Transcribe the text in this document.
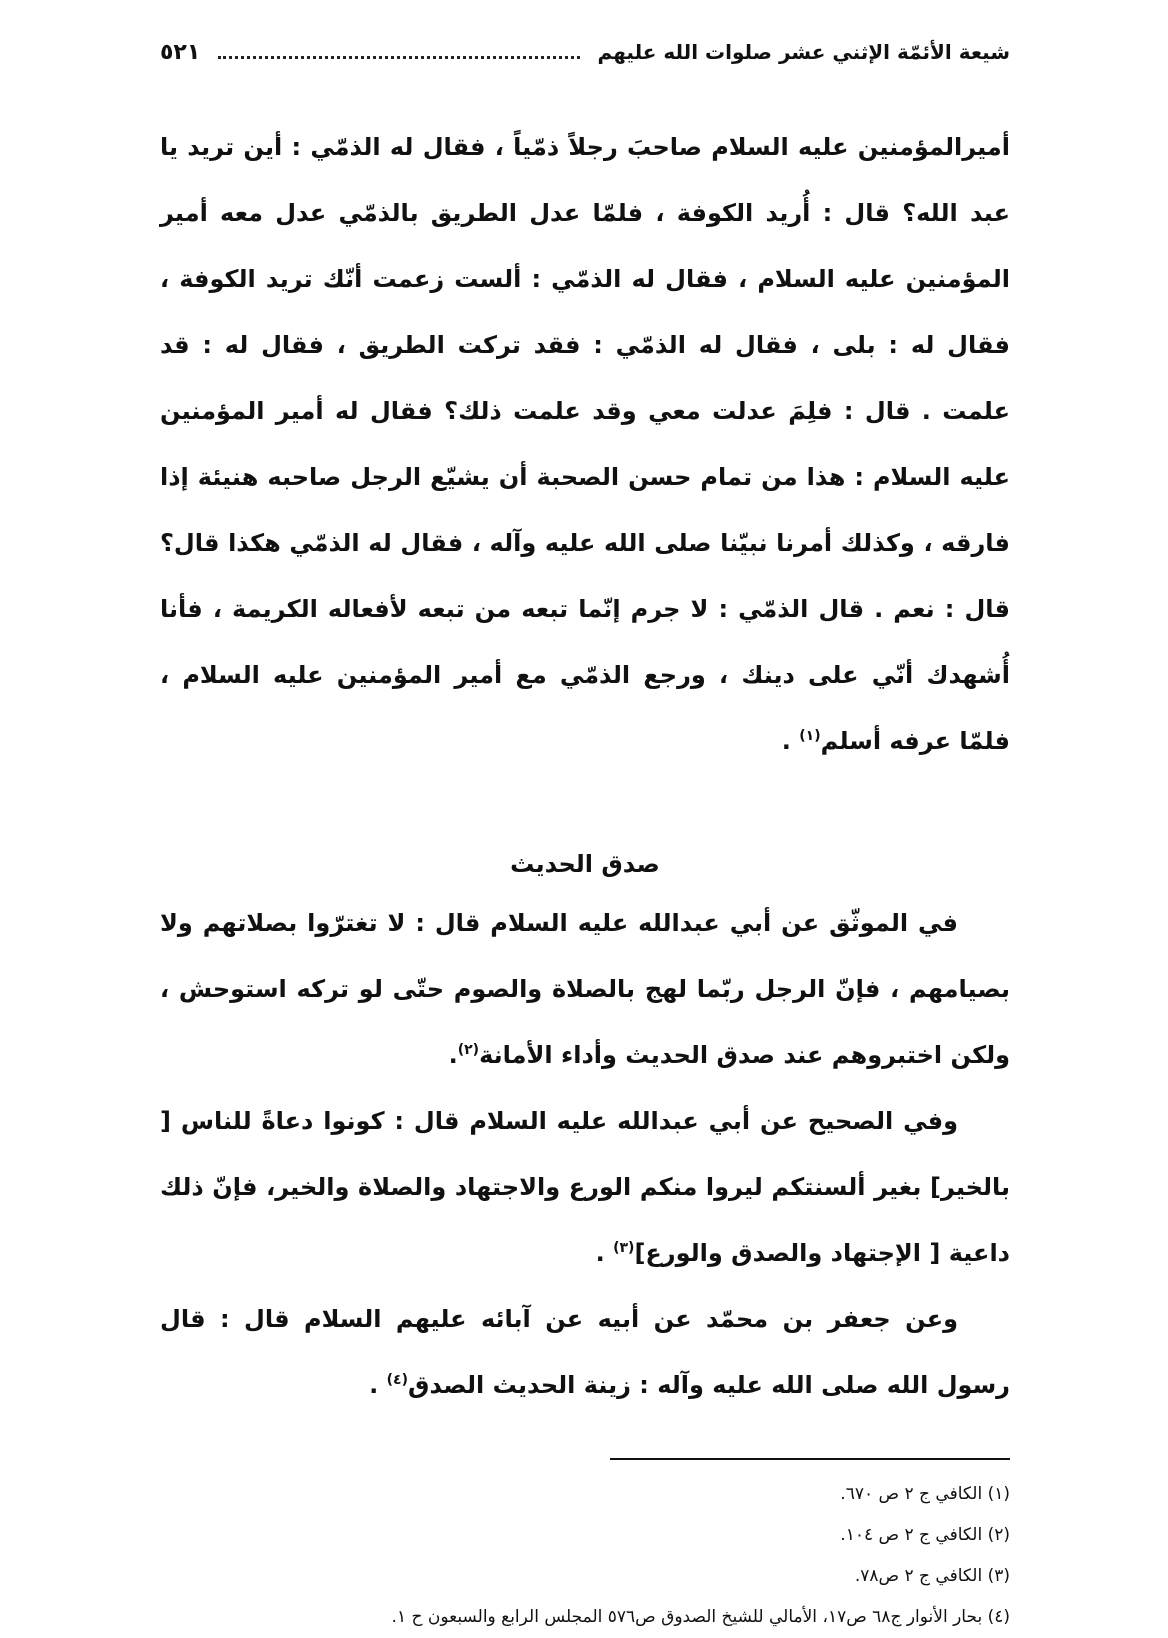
شيعة الأئمّة الإثني عشر صلوات الله عليهم
٥٢١

أميرالمؤمنين عليه السلام صاحبَ رجلاً ذمّياً ، فقال له الذمّي : أين تريد يا عبد الله؟ قال : أُريد الكوفة ، فلمّا عدل الطريق بالذمّي عدل معه أمير المؤمنين عليه السلام ، فقال له الذمّي : ألست زعمت أنّك تريد الكوفة ، فقال له : بلى ، فقال له الذمّي : فقد تركت الطريق ، فقال له : قد علمت . قال : فلِمَ عدلت معي وقد علمت ذلك؟ فقال له أمير المؤمنين عليه السلام : هذا من تمام حسن الصحبة أن يشيّع الرجل صاحبه هنيئة إذا فارقه ، وكذلك أمرنا نبيّنا صلى الله عليه وآله ، فقال له الذمّي هكذا قال؟ قال : نعم . قال الذمّي : لا جرم إنّما تبعه من تبعه لأفعاله الكريمة ، فأنا أُشهدك أنّي على دينك ، ورجع الذمّي مع أمير المؤمنين عليه السلام ، فلمّا عرفه أسلم$^{(١)}$ .

صدق الحديث

في الموثّق عن أبي عبدالله عليه السلام قال : لا تغترّوا بصلاتهم ولا بصيامهم ، فإنّ الرجل ربّما لهج بالصلاة والصوم حتّى لو تركه استوحش ، ولكن اختبروهم عند صدق الحديث وأداء الأمانة$^{(٢)}$.

وفي الصحيح عن أبي عبدالله عليه السلام قال : كونوا دعاةً للناس [ بالخير] بغير ألسنتكم ليروا منكم الورع والاجتهاد والصلاة والخير، فإنّ ذلك داعية [ الإجتهاد والصدق والورع]$^{(٣)}$ .

وعن جعفر بن محمّد عن أبيه عن آبائه عليهم السلام قال : قال رسول الله صلى الله عليه وآله : زينة الحديث الصدق$^{(٤)}$ .

(١) الكافي ج ٢ ص ٦٧٠.

(٢) الكافي ج ٢ ص ١٠٤.

(٣) الكافي ج ٢ ص٧٨.

(٤) بحار الأنوار ج٦٨ ص١٧، الأمالي للشيخ الصدوق ص٥٧٦ المجلس الرابع والسبعون ح ١.
